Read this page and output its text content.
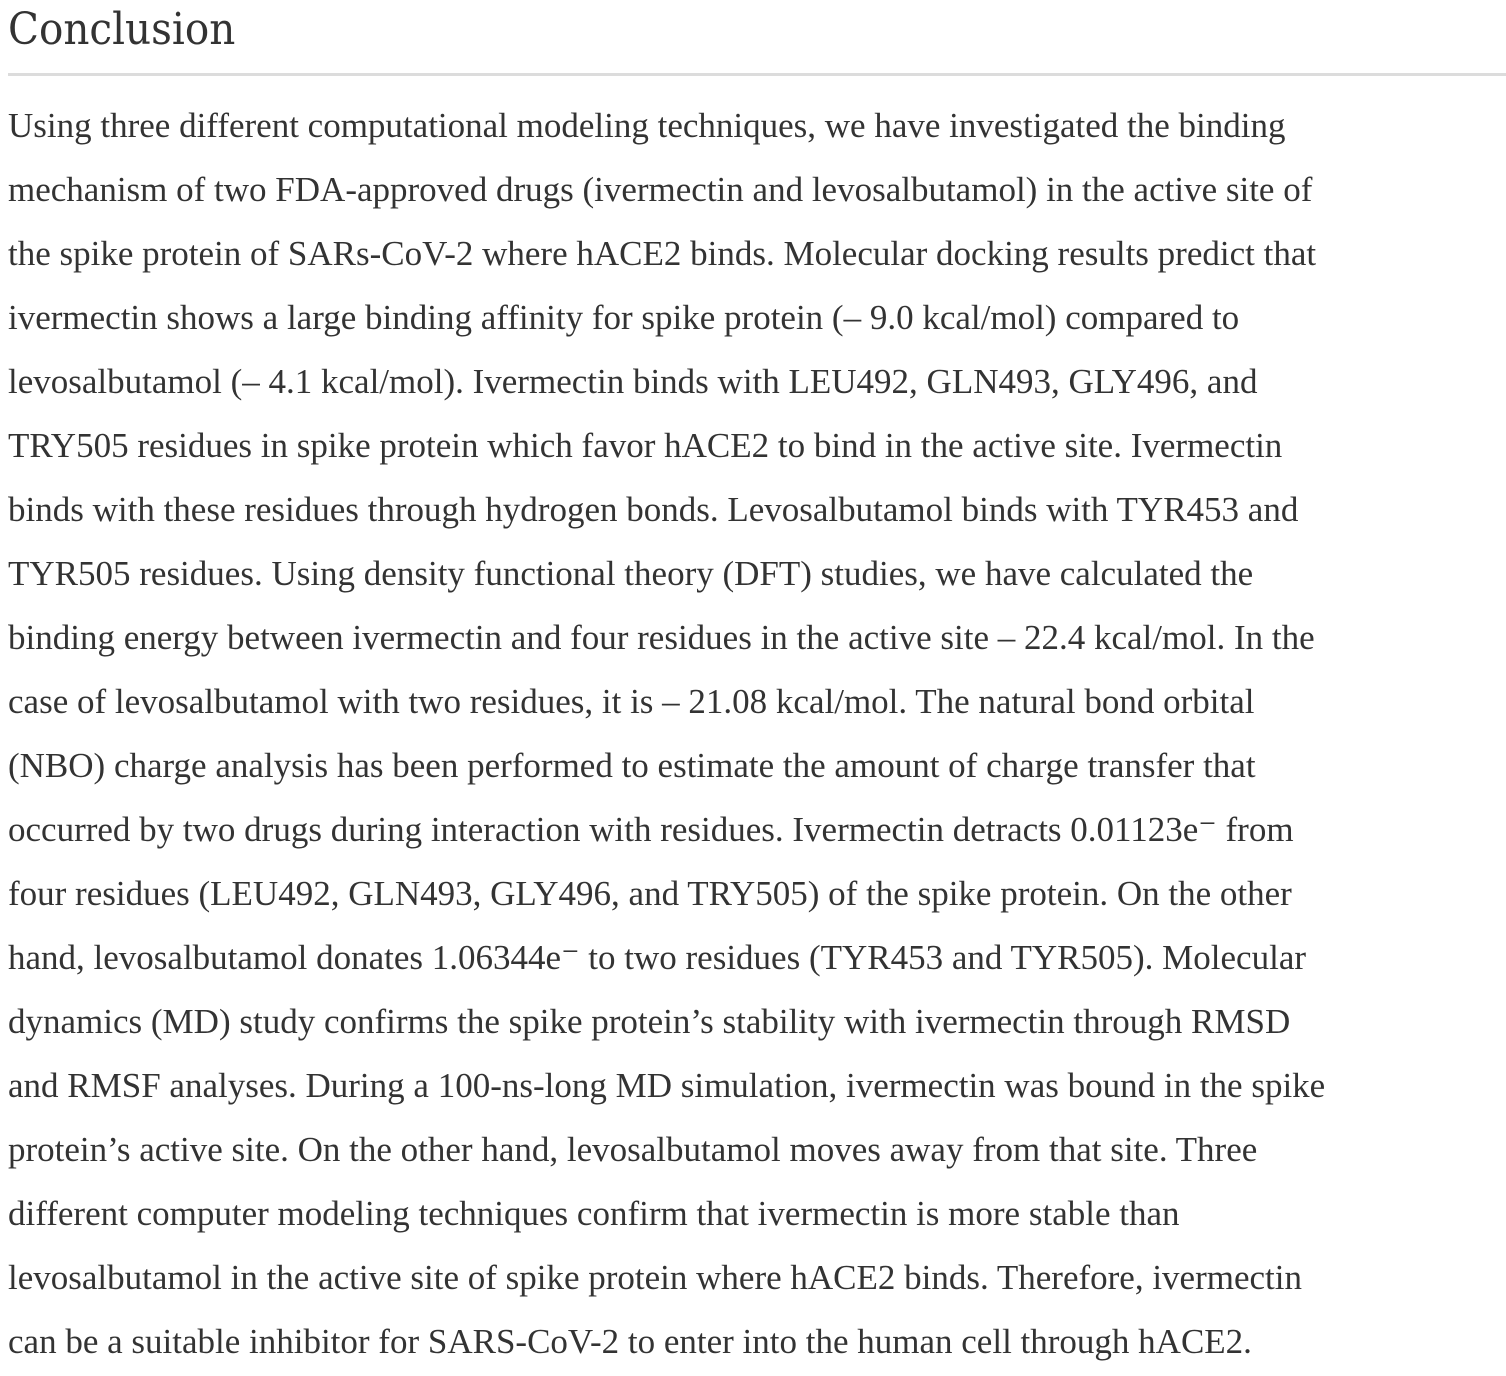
Conclusion
Using three different computational modeling techniques, we have investigated the binding
mechanism of two FDA-approved drugs (ivermectin and levosalbutamol) in the active site of
the spike protein of SARs-CoV-2 where hACE2 binds. Molecular docking results predict that
ivermectin shows a large binding affinity for spike protein (– 9.0 kcal/mol) compared to
levosalbutamol (– 4.1 kcal/mol). Ivermectin binds with LEU492, GLN493, GLY496, and
TRY505 residues in spike protein which favor hACE2 to bind in the active site. Ivermectin
binds with these residues through hydrogen bonds. Levosalbutamol binds with TYR453 and
TYR505 residues. Using density functional theory (DFT) studies, we have calculated the
binding energy between ivermectin and four residues in the active site – 22.4 kcal/mol. In the
case of levosalbutamol with two residues, it is – 21.08 kcal/mol. The natural bond orbital
(NBO) charge analysis has been performed to estimate the amount of charge transfer that
occurred by two drugs during interaction with residues. Ivermectin detracts 0.01123e⁻ from
four residues (LEU492, GLN493, GLY496, and TRY505) of the spike protein. On the other
hand, levosalbutamol donates 1.06344e⁻ to two residues (TYR453 and TYR505). Molecular
dynamics (MD) study confirms the spike protein’s stability with ivermectin through RMSD
and RMSF analyses. During a 100-ns-long MD simulation, ivermectin was bound in the spike
protein’s active site. On the other hand, levosalbutamol moves away from that site. Three
different computer modeling techniques confirm that ivermectin is more stable than
levosalbutamol in the active site of spike protein where hACE2 binds. Therefore, ivermectin
can be a suitable inhibitor for SARS-CoV-2 to enter into the human cell through hACE2.
